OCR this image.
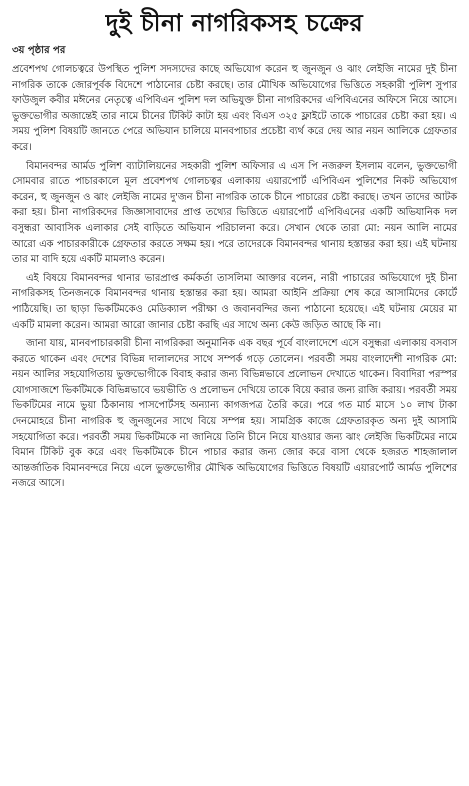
দুই চীনা নাগরিকসহ চক্রের
৩য় পৃষ্ঠার পর

প্রবেশপথ গোলচত্বরে উপস্থিত পুলিশ সদস্যদের কাছে অভিযোগ করেন হু জুনজুন ও ঝাং লেইজি নামের দুই চীনা নাগরিক তাকে জোরপূর্বক বিদেশে পাঠানোর চেষ্টা করছে। তার মৌখিক অভিযোগের ভিত্তিতে সহকারী পুলিশ সুপার ফাউজুল কবীর মঈনের নেতৃত্বে এপিবিএন পুলিশ দল অভিযুক্ত চীনা নাগরিকদের এপিবিএনের অফিসে নিয়ে আসে। ভুক্তভোগীর অজান্তেই তার নামে চীনের টিকিট কাটা হয় এবং বিএস ৩২৫ ফ্লাইটে তাকে পাচারের চেষ্টা করা হয়। এ সময় পুলিশ বিষয়টি জানতে পেরে অভিযান চালিয়ে মানবপাচার প্রচেষ্টা ব্যর্থ করে দেয় আর নয়ন আলিকে গ্রেফতার করে।

বিমানবন্দর আর্মড পুলিশ ব্যাটালিয়নের সহকারী পুলিশ অফিসার এ এস পি নজরুল ইসলাম বলেন, ভুক্তভোগী সোমবার রাতে পাচারকালে মূল প্রবেশপথ গোলচত্বর এলাকায় এয়ারপোর্ট এপিবিএন পুলিশের নিকট অভিযোগ করেন, হু জুনজুন ও ঝাং লেইজি নামের দু'জন চীনা নাগরিক তাকে চীনে পাচারের চেষ্টা করছে। তখন তাদের আটক করা হয়। চীনা নাগরিকদের জিজ্ঞাসাবাদের প্রাপ্ত তথ্যের ভিত্তিতে এয়ারপোর্ট এপিবিএনের একটি অভিযানিক দল বসুন্ধরা আবাসিক এলাকার সেই বাড়িতে অভিযান পরিচালনা করে। সেখান থেকে তারা মো: নয়ন আলি নামের আরো এক পাচারকারীকে গ্রেফতার করতে সক্ষম হয়। পরে তাদেরকে বিমানবন্দর থানায় হস্তান্তর করা হয়। এই ঘটনায় তার মা বাদি হয়ে একটি মামলাও করেন।

এই বিষয়ে বিমানবন্দর থানার ভারপ্রাপ্ত কর্মকর্তা তাসলিমা আক্তার বলেন, নারী পাচারের অভিযোগে দুই চীনা নাগরিকসহ তিনজনকে বিমানবন্দর থানায় হস্তান্তর করা হয়। আমরা আইনি প্রক্রিয়া শেষ করে আসামিদের কোর্টে পাঠিয়েছি। তা ছাড়া ভিকটিমকেও মেডিক্যাল পরীক্ষা ও জবানবন্দির জন্য পাঠানো হয়েছে। এই ঘটনায় মেয়ের মা একটি মামলা করেন। আমরা আরো জানার চেষ্টা করছি এর সাথে অন্য কেউ জড়িত আছে কি না।

জানা যায়, মানবপাচারকারী চীনা নাগরিকরা অনুমানিক এক বছর পূর্বে বাংলাদেশে এসে বসুন্ধরা এলাকায় বসবাস করতে থাকেন এবং দেশের বিভিন্ন দালালদের সাথে সম্পর্ক গড়ে তোলেন। পরবর্তী সময় বাংলাদেশী নাগরিক মো: নয়ন আলির সহযোগিতায় ভুক্তভোগীকে বিবাহ করার জন্য বিভিন্নভাবে প্রলোভন দেখাতে থাকেন। বিবাদিরা পরস্পর যোগসাজশে ভিকটিমকে বিভিন্নভাবে ভয়ভীতি ও প্রলোভন দেখিয়ে তাকে বিয়ে করার জন্য রাজি করায়। পরবর্তী সময় ভিকটিমের নামে ভুয়া ঠিকানায় পাসপোর্টসহ অন্যান্য কাগজপত্র তৈরি করে। পরে গত মার্চ মাসে ১০ লাখ টাকা দেনমোহরে চীনা নাগরিক হু জুনজুনের সাথে বিয়ে সম্পন্ন হয়। সামগ্রিক কাজে গ্রেফতারকৃত অন্য দুই আসামি সহযোগিতা করে। পরবর্তী সময় ভিকটিমকে না জানিয়ে তিনি চীনে নিয়ে যাওয়ার জন্য ঝাং লেইজি ভিকটিমের নামে বিমান টিকিট বুক করে এবং ভিকটিমকে চীনে পাচার করার জন্য জোর করে বাসা থেকে হজরত শাহজালাল আন্তর্জাতিক বিমানবন্দরে নিয়ে এলে ভুক্তভোগীর মৌখিক অভিযোগের ভিত্তিতে বিষয়টি এয়ারপোর্ট আর্মড পুলিশের নজরে আসে।
